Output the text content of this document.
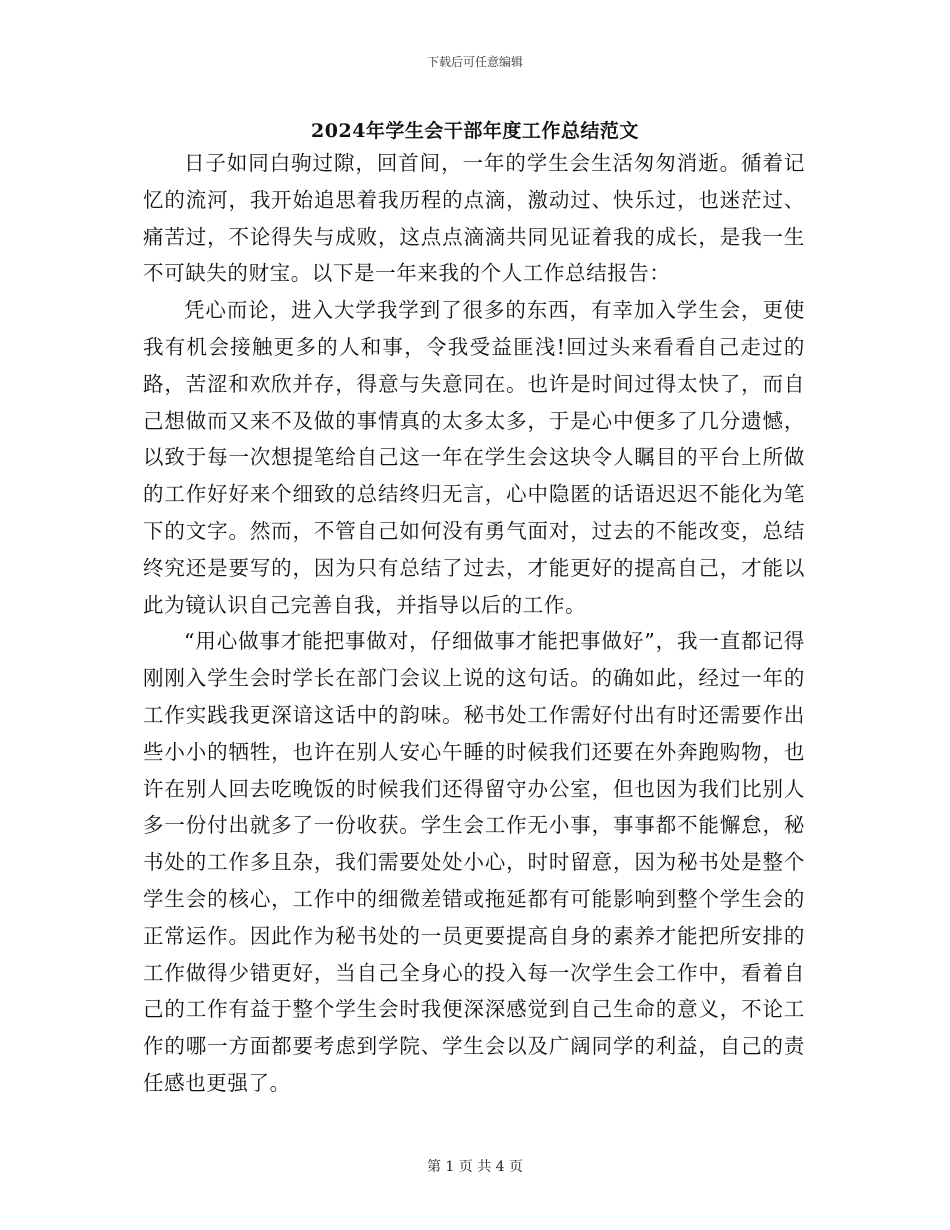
下载后可任意编辑
2024年学生会干部年度工作总结范文

日子如同白驹过隙，回首间，一年的学生会生活匆匆消逝。循着记忆的流河，我开始追思着我历程的点滴，激动过、快乐过，也迷茫过、痛苦过，不论得失与成败，这点点滴滴共同见证着我的成长，是我一生不可缺失的财宝。以下是一年来我的个人工作总结报告：

凭心而论，进入大学我学到了很多的东西，有幸加入学生会，更使我有机会接触更多的人和事，令我受益匪浅!回过头来看看自己走过的路，苦涩和欢欣并存，得意与失意同在。也许是时间过得太快了，而自己想做而又来不及做的事情真的太多太多，于是心中便多了几分遗憾，以致于每一次想提笔给自己这一年在学生会这块令人瞩目的平台上所做的工作好好来个细致的总结终归无言，心中隐匿的话语迟迟不能化为笔下的文字。然而，不管自己如何没有勇气面对，过去的不能改变，总结终究还是要写的，因为只有总结了过去，才能更好的提高自己，才能以此为镜认识自己完善自我，并指导以后的工作。

“用心做事才能把事做对，仔细做事才能把事做好”，我一直都记得刚刚入学生会时学长在部门会议上说的这句话。的确如此，经过一年的工作实践我更深谙这话中的韵味。秘书处工作需好付出有时还需要作出些小小的牺牲，也许在别人安心午睡的时候我们还要在外奔跑购物，也许在别人回去吃晚饭的时候我们还得留守办公室，但也因为我们比别人多一份付出就多了一份收获。学生会工作无小事，事事都不能懈怠，秘书处的工作多且杂，我们需要处处小心，时时留意，因为秘书处是整个学生会的核心，工作中的细微差错或拖延都有可能影响到整个学生会的正常运作。因此作为秘书处的一员更要提高自身的素养才能把所安排的工作做得少错更好，当自己全身心的投入每一次学生会工作中，看着自己的工作有益于整个学生会时我便深深感觉到自己生命的意义，不论工作的哪一方面都要考虑到学院、学生会以及广阔同学的利益，自己的责任感也更强了。

第 1 页 共 4 页
